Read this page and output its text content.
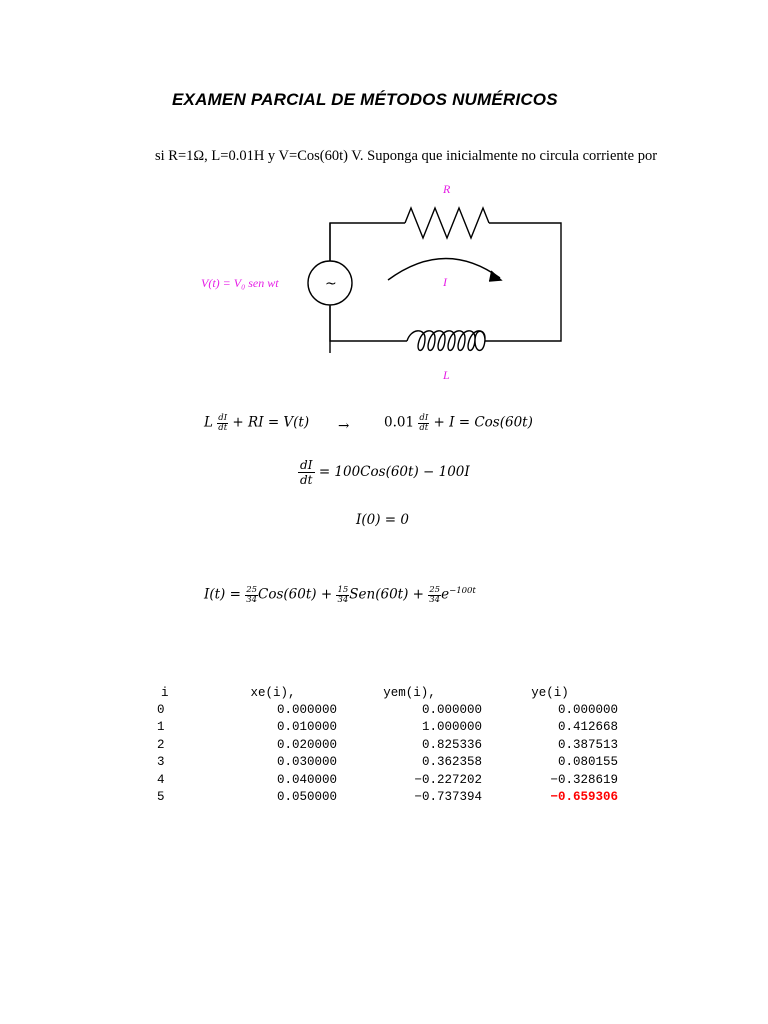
EXAMEN PARCIAL DE MÉTODOS NUMÉRICOS
si R=1Ω, L=0.01H y V=Cos(60t) V. Suponga que inicialmente no circula corriente por
~
R
I
L
V(t) = V₀ sen wt
L $\frac{dI}{dt}$ + RI = V(t) →	$0.01 \frac{dI}{dt} + I = Cos(60t)$
$\frac{dI}{dt} = 100Cos(60t) - 100I$
I(0) = 0
$I(t) = \frac{25}{34} Cos(60t) + \frac{15}{34} Sen(60t) + \frac{25}{34} e^{-100t}$
i	xe(i),	yem(i),	ye(i)
0	0.000000	0.000000	0.000000
1	0.010000	1.000000	0.412668
2	0.020000	0.825336	0.387513
3	0.030000	0.362358	0.080155
4	0.040000	−0.227202	−0.328619
5	0.050000	−0.737394	−0.659306
